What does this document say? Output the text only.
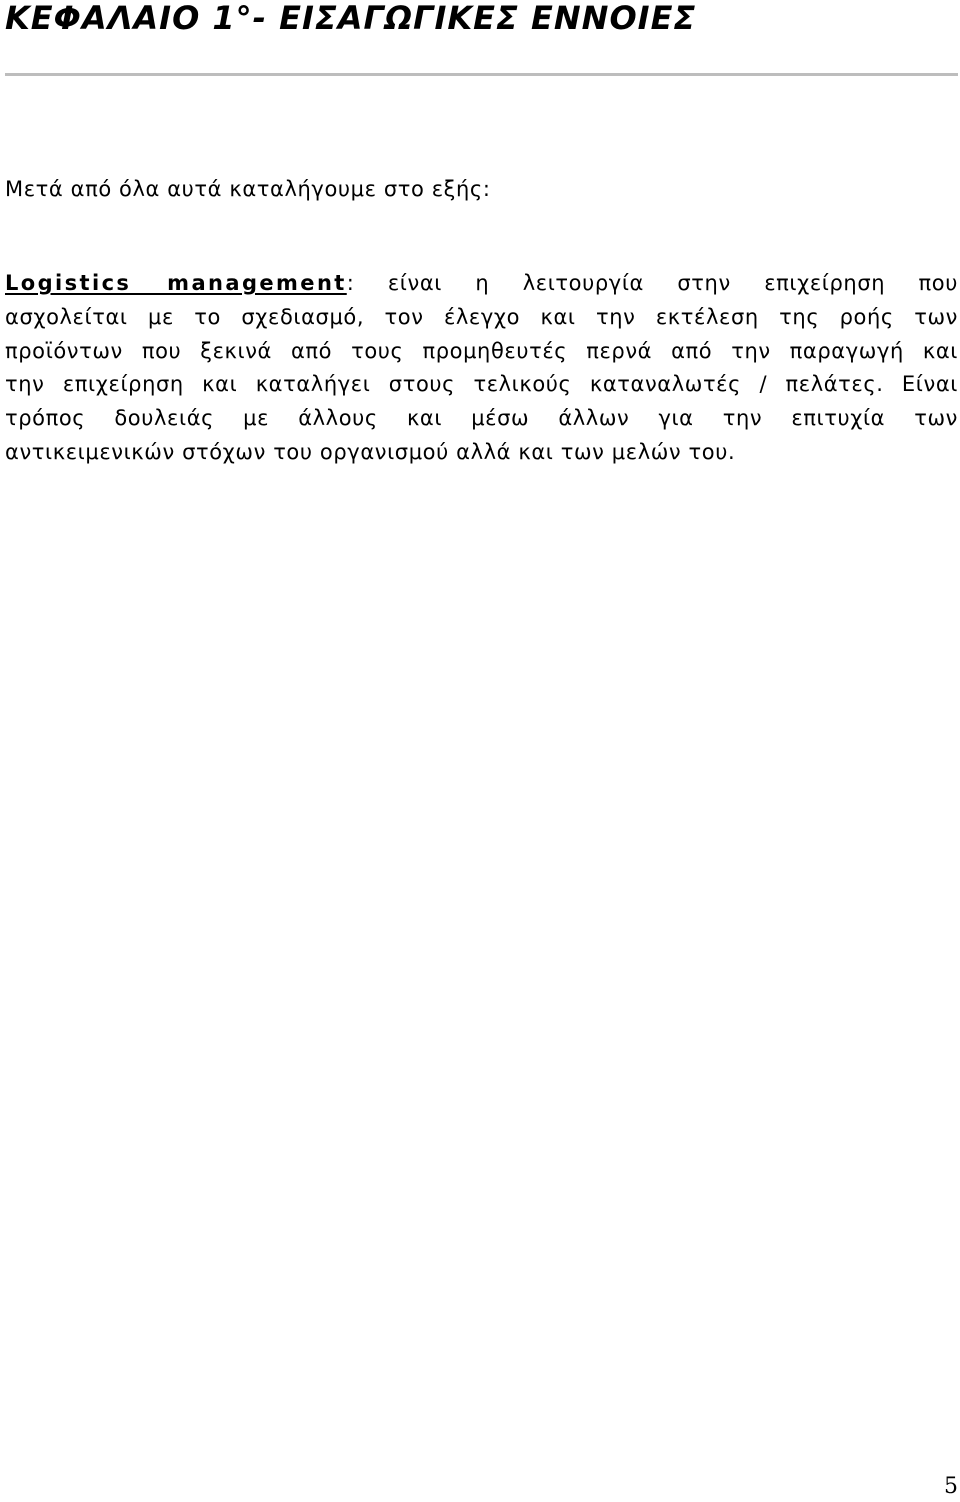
ΚΕΦΑΛΑΙΟ 1°- ΕΙΣΑΓΩΓΙΚΕΣ ΕΝΝΟΙΕΣ

Μετά από όλα αυτά καταλήγουμε στο εξής:

Logistics management: είναι η λειτουργία στην επιχείρηση που
ασχολείται με το σχεδιασμό, τον έλεγχο και την εκτέλεση της ροής των
προϊόντων που ξεκινά από τους προμηθευτές περνά από την παραγωγή και
την επιχείρηση και καταλήγει στους τελικούς καταναλωτές / πελάτες. Είναι
τρόπος δουλειάς με άλλους και μέσω άλλων για την επιτυχία των
αντικειμενικών στόχων του οργανισμού αλλά και των μελών του.

5
